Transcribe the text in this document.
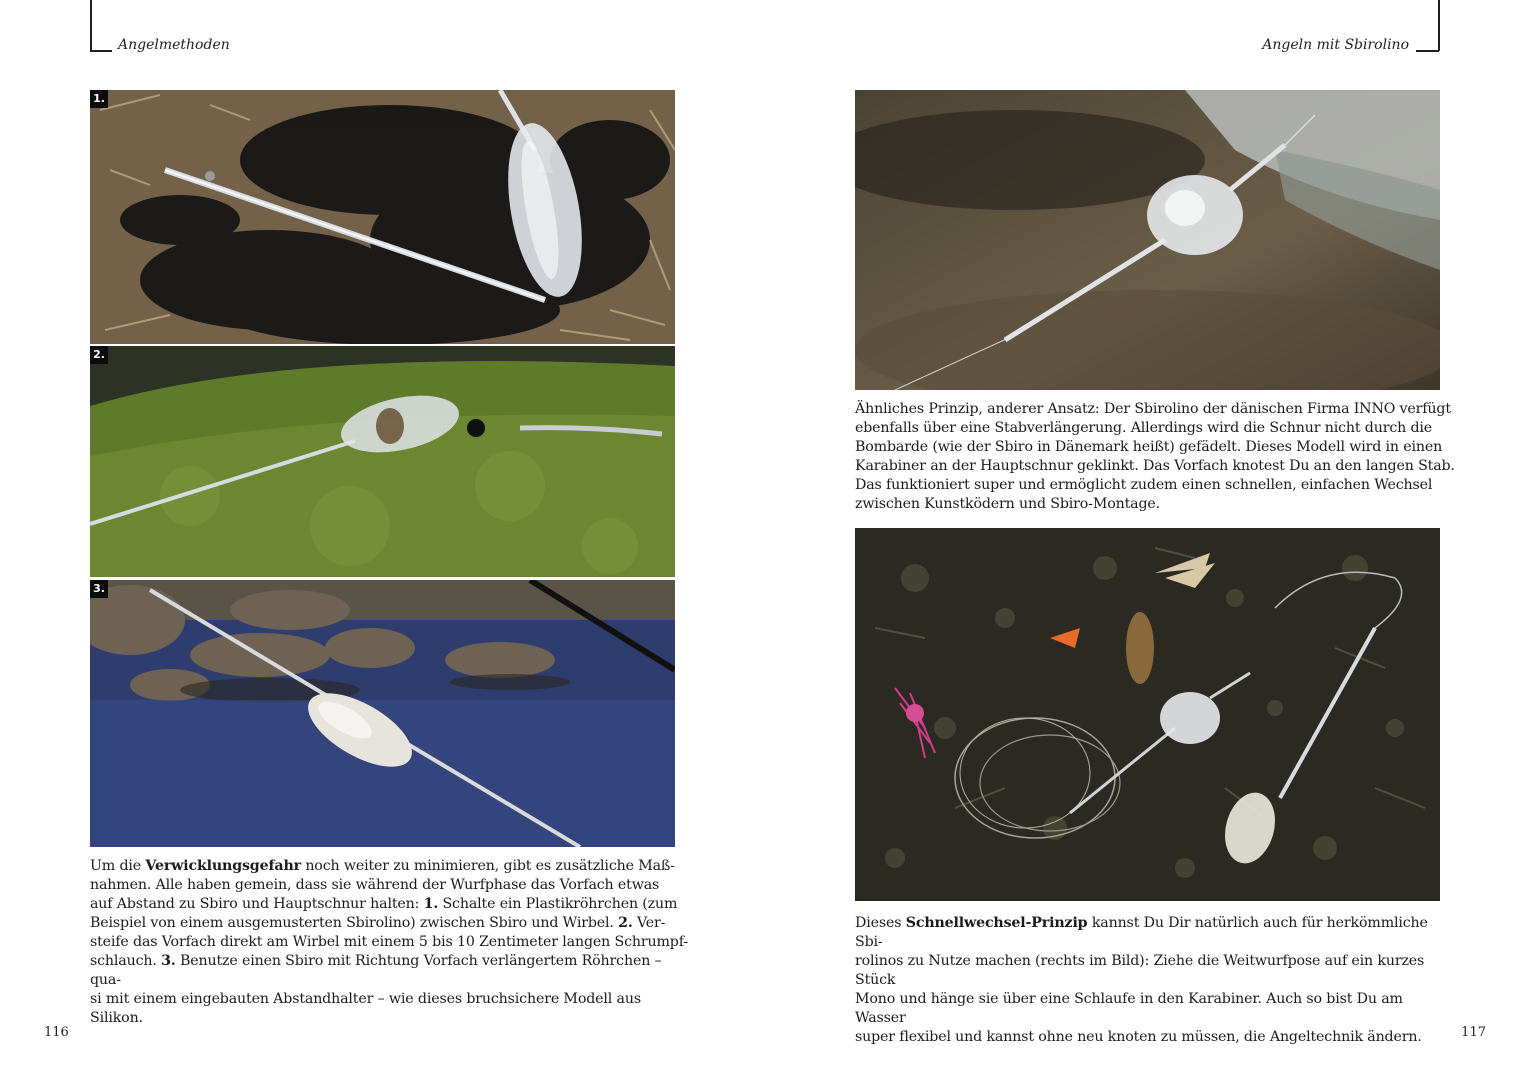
Angelmethoden	Angeln mit Sbirolino
1.
2.
3.

Um die Verwicklungsgefahr noch weiter zu minimieren, gibt es zusätzliche Maß-
nahmen. Alle haben gemein, dass sie während der Wurfphase das Vorfach etwas
auf Abstand zu Sbiro und Hauptschnur halten: 1. Schalte ein Plastikröhrchen (zum
Beispiel von einem ausgemusterten Sbirolino) zwischen Sbiro und Wirbel. 2. Ver-
steife das Vorfach direkt am Wirbel mit einem 5 bis 10 Zentimeter langen Schrumpf-
schlauch. 3. Benutze einen Sbiro mit Richtung Vorfach verlängertem Röhrchen – qua-
si mit einem eingebauten Abstandhalter – wie dieses bruchsichere Modell aus Silikon.

116

Ähnliches Prinzip, anderer Ansatz: Der Sbirolino der dänischen Firma INNO verfügt
ebenfalls über eine Stabverlängerung. Allerdings wird die Schnur nicht durch die
Bombarde (wie der Sbiro in Dänemark heißt) gefädelt. Dieses Modell wird in einen
Karabiner an der Hauptschnur geklinkt. Das Vorfach knotest Du an den langen Stab.
Das funktioniert super und ermöglicht zudem einen schnellen, einfachen Wechsel
zwischen Kunstködern und Sbiro-Montage.

Dieses Schnellwechsel-Prinzip kannst Du Dir natürlich auch für herkömmliche Sbi-
rolinos zu Nutze machen (rechts im Bild): Ziehe die Weitwurfpose auf ein kurzes Stück
Mono und hänge sie über eine Schlaufe in den Karabiner. Auch so bist Du am Wasser
super flexibel und kannst ohne neu knoten zu müssen, die Angeltechnik ändern.	117
